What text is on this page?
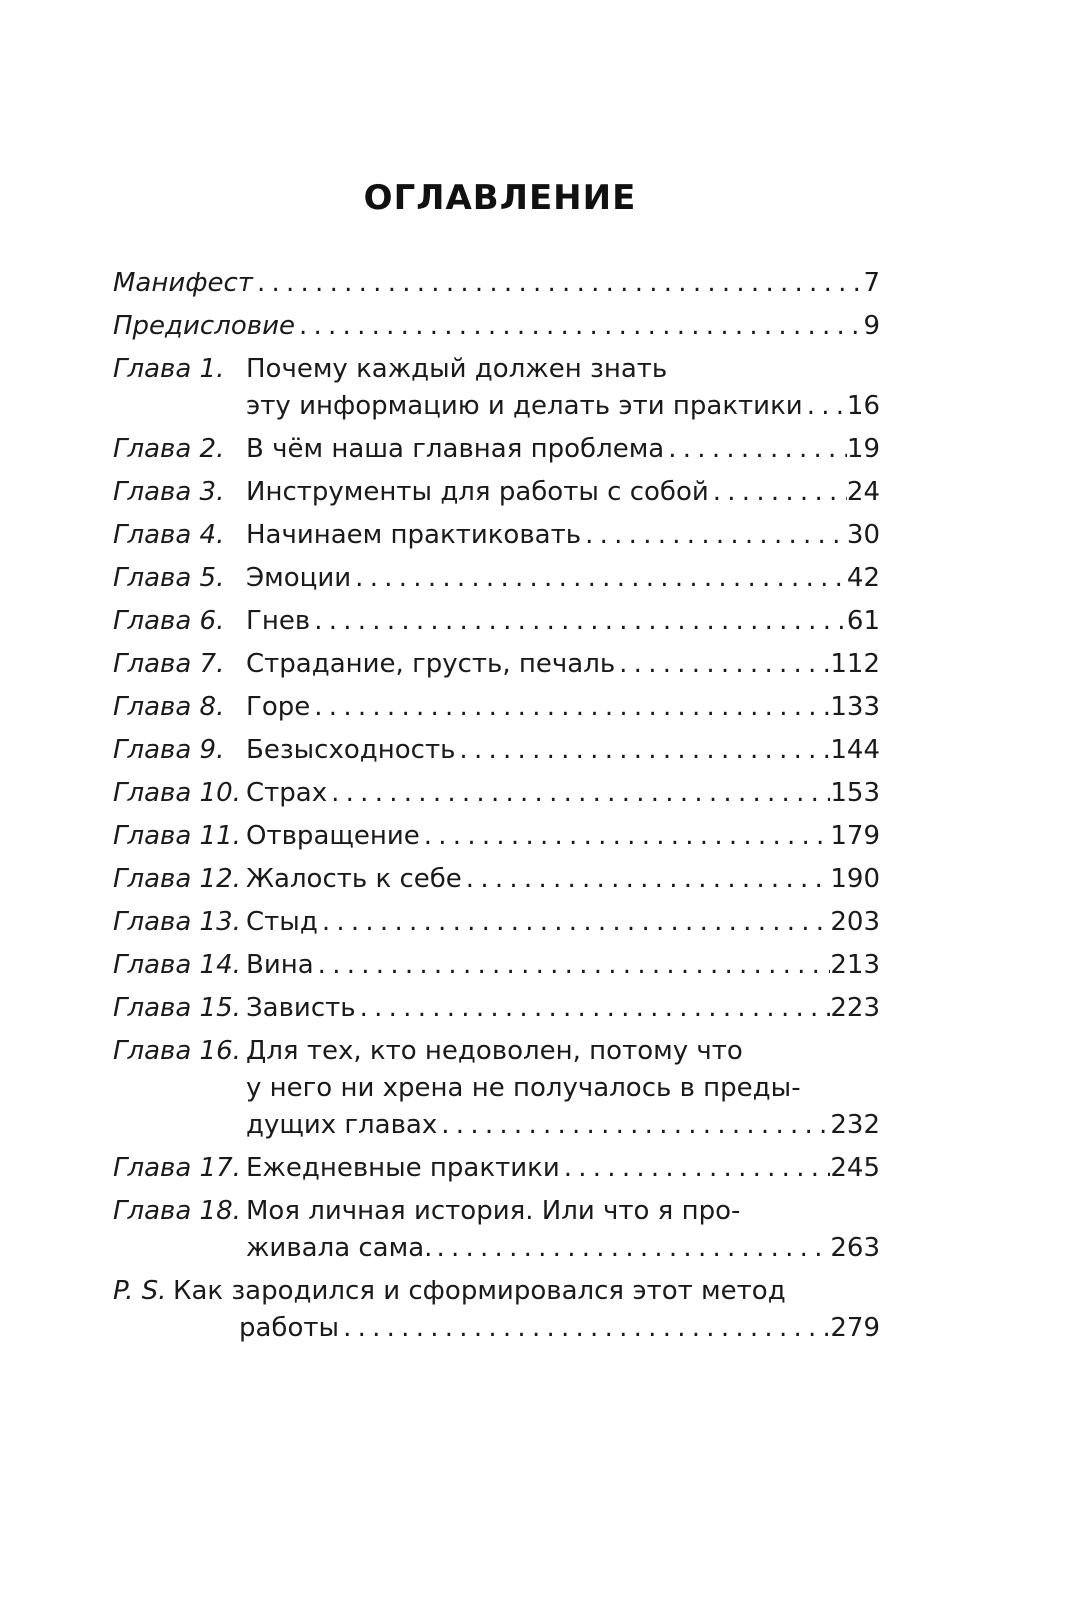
ОГЛАВЛЕНИЕ
Манифест . . .	7
Предисловие . . .	9
Глава 1. Почему каждый должен знать
эту информацию и делать эти практики . . . 16
Глава 2. В чём наша главная проблема . . .	19
Глава 3. Инструменты для работы с собой . . .	24
Глава 4. Начинаем практиковать . . .	30
Глава 5. Эмоции . . .	42
Глава 6. Гнев . . .	61
Глава 7. Страдание, грусть, печаль . . .	112
Глава 8. Горе . . .	133
Глава 9. Безысходность . . .	144
Глава 10. Страх . . .	153
Глава 11. Отвращение . . .	179
Глава 12. Жалость к себе . . .	190
Глава 13. Стыд . . .	203
Глава 14. Вина . . .	213
Глава 15. Зависть . . .	223
Глава 16. Для тех, кто недоволен, потому что
у него ни хрена не получалось в преды-
дущих главах . . .	232
Глава 17. Ежедневные практики . . .	245
Глава 18. Моя личная история. Или что я про-
живала сама. . . .	263
P. S. Как зародился и сформировался этот метод
работы . . .	279
